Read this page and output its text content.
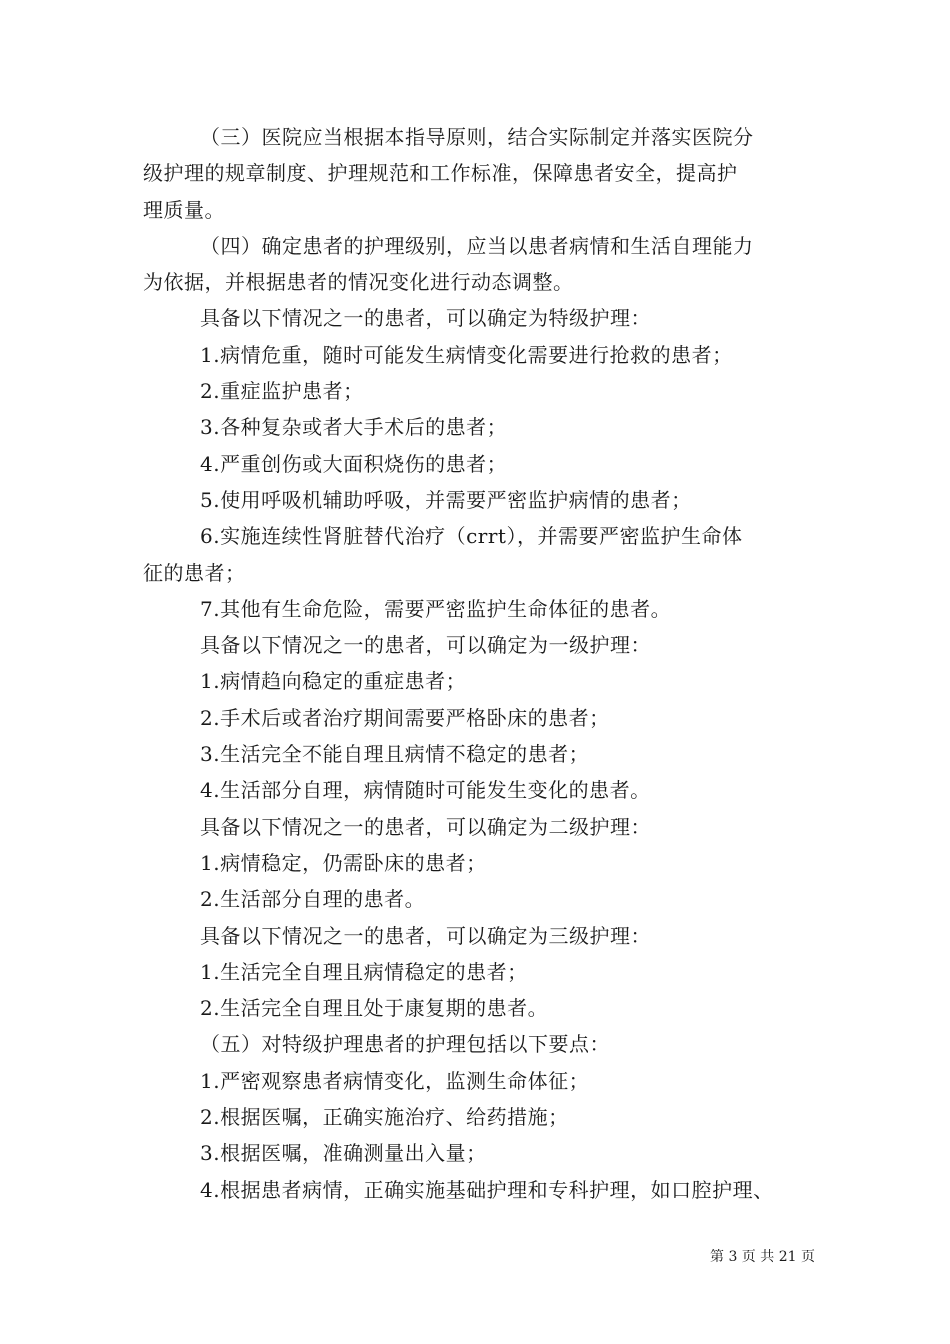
（三）医院应当根据本指导原则，结合实际制定并落实医院分
级护理的规章制度、护理规范和工作标准，保障患者安全，提高护
理质量。
（四）确定患者的护理级别，应当以患者病情和生活自理能力
为依据，并根据患者的情况变化进行动态调整。
具备以下情况之一的患者，可以确定为特级护理：
1.病情危重，随时可能发生病情变化需要进行抢救的患者；
2.重症监护患者；
3.各种复杂或者大手术后的患者；
4.严重创伤或大面积烧伤的患者；
5.使用呼吸机辅助呼吸，并需要严密监护病情的患者；
6.实施连续性肾脏替代治疗（crrt），并需要严密监护生命体
征的患者；
7.其他有生命危险，需要严密监护生命体征的患者。
具备以下情况之一的患者，可以确定为一级护理：
1.病情趋向稳定的重症患者；
2.手术后或者治疗期间需要严格卧床的患者；
3.生活完全不能自理且病情不稳定的患者；
4.生活部分自理，病情随时可能发生变化的患者。
具备以下情况之一的患者，可以确定为二级护理：
1.病情稳定，仍需卧床的患者；
2.生活部分自理的患者。
具备以下情况之一的患者，可以确定为三级护理：
1.生活完全自理且病情稳定的患者；
2.生活完全自理且处于康复期的患者。
（五）对特级护理患者的护理包括以下要点：
1.严密观察患者病情变化，监测生命体征；
2.根据医嘱，正确实施治疗、给药措施；
3.根据医嘱，准确测量出入量；
4.根据患者病情，正确实施基础护理和专科护理，如口腔护理、
第 3 页 共 21 页
